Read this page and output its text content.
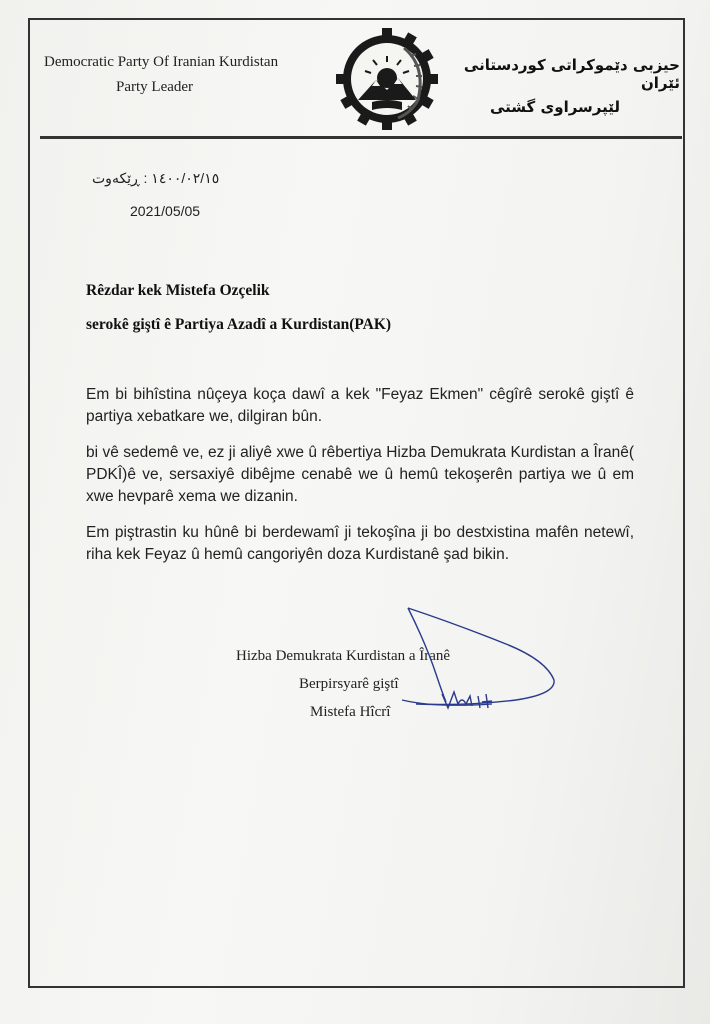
Democratic Party Of Iranian Kurdistan
Party Leader
١٣٢٤
حیزبی دێموکراتی کوردستانی ئێران
لێپرسراوی گشتی
١٤٠٠/٠٢/١٥ : ڕێکەوت
2021/05/05
Rêzdar kek Mistefa Ozçelik
serokê giştî ê Partiya Azadî a Kurdistan(PAK)

Em bi bihîstina nûçeya koça dawî a kek "Feyaz Ekmen" cêgîrê serokê giştî ê partiya xebatkare we, dilgiran bûn.

bi vê sedemê ve, ez ji aliyê xwe û rêbertiya Hizba Demukrata Kurdistan a Îranê( PDKÎ)ê ve, sersaxiyê dibêjme cenabê we û hemû tekoşerên partiya we û em xwe hevparê xema we dizanin.

Em piştrastin ku hûnê bi berdewamî ji tekoşîna ji bo destxistina mafên netewî, riha kek Feyaz û hemû cangoriyên doza Kurdistanê şad bikin.

Hizba Demukrata Kurdistan a Îranê
Berpirsyarê giştî
Mistefa Hîcrî
